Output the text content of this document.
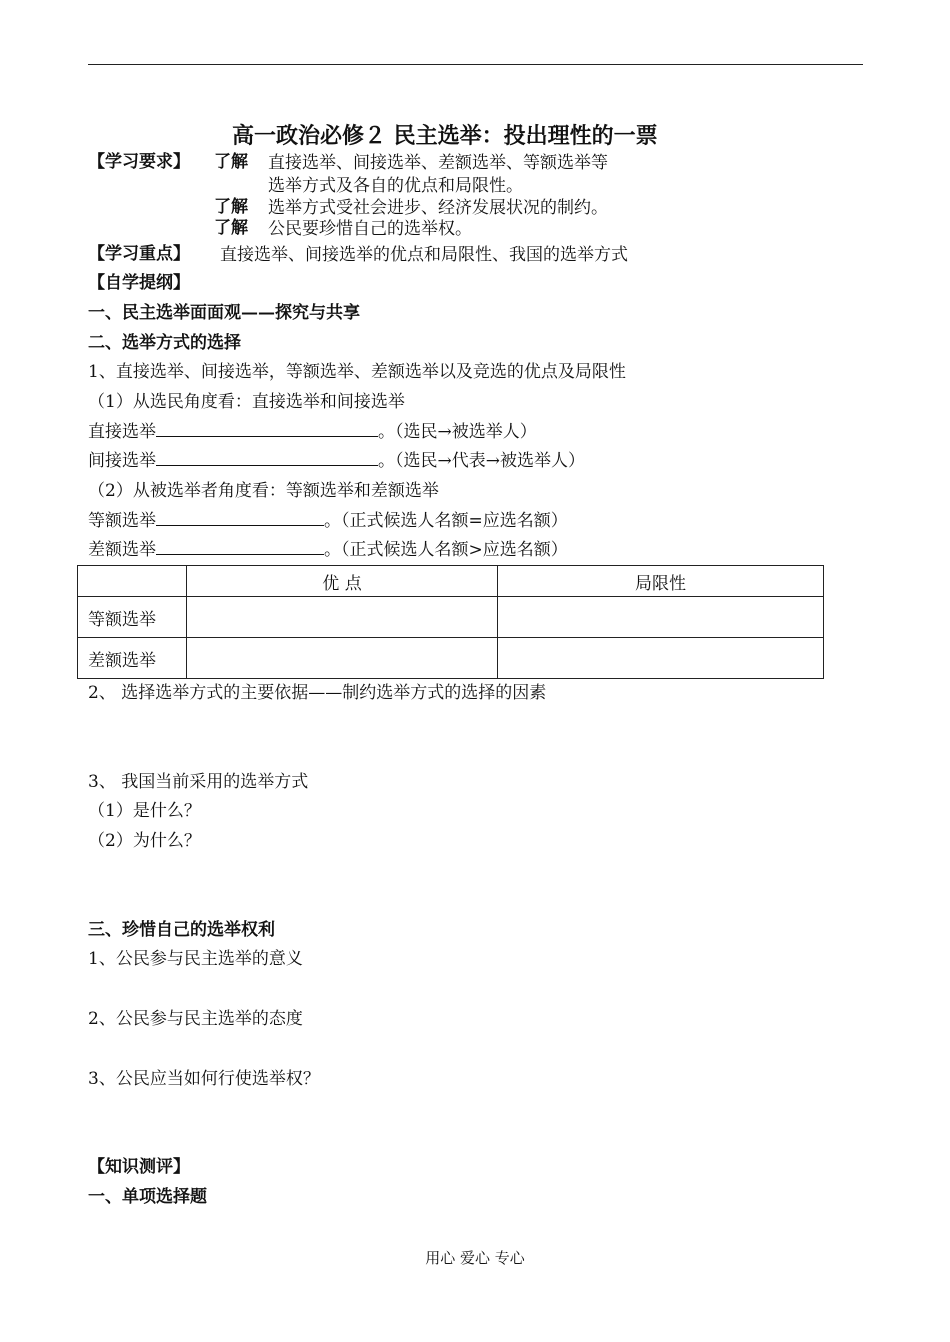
高一政治必修２ 民主选举：投出理性的一票
【学习要求】 了解 直接选举、间接选举、差额选举、等额选举等
选举方式及各自的优点和局限性。
了解 选举方式受社会进步、经济发展状况的制约。
了解 公民要珍惜自己的选举权。
【学习重点】 直接选举、间接选举的优点和局限性、我国的选举方式
【自学提纲】
一、民主选举面面观——探究与共享
二、选举方式的选择
1、直接选举、间接选举，等额选举、差额选举以及竞选的优点及局限性
（1）从选民角度看：直接选举和间接选举
直接选举	。（选民→被选举人）
间接选举	。（选民→代表→被选举人）
（2）从被选举者角度看：等额选举和差额选举
等额选举	。（正式候选人名额=应选名额）
差额选举	。（正式候选人名额>应选名额）
	优 点	局限性
等额选举		
差额选举		
2、 选择选举方式的主要依据——制约选举方式的选择的因素
3、 我国当前采用的选举方式
（1）是什么？
（2）为什么？
三、珍惜自己的选举权利
1、公民参与民主选举的意义
2、公民参与民主选举的态度
3、公民应当如何行使选举权？
【知识测评】
一、单项选择题
用心 爱心 专心
